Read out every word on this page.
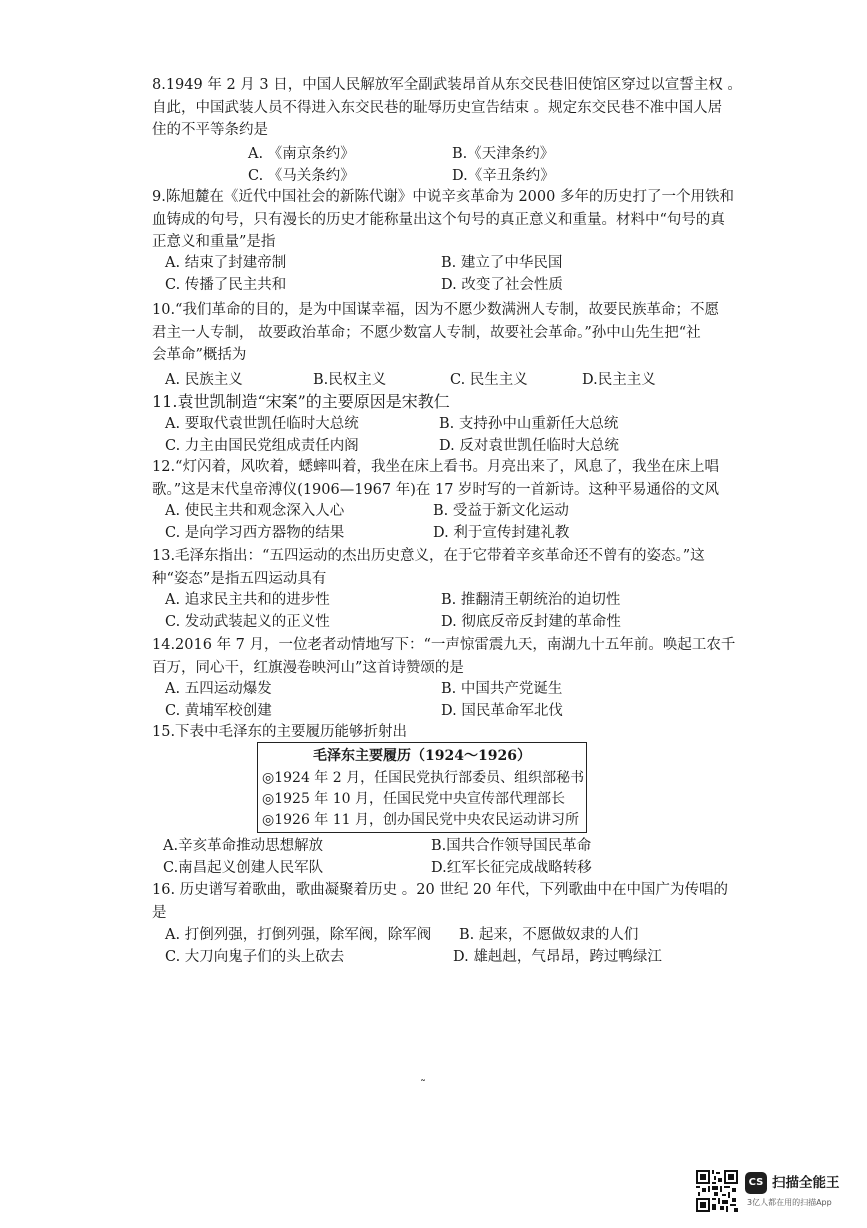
8.1949 年 2 月 3 日，中国人民解放军全副武装昂首从东交民巷旧使馆区穿过以宣誓主权 。
自此，中国武装人员不得进入东交民巷的耻辱历史宣告结束 。规定东交民巷不准中国人居
住的不平等条约是
A. 《南京条约》	B.《天津条约》
C. 《马关条约》	D.《辛丑条约》
9.陈旭麓在《近代中国社会的新陈代谢》中说辛亥革命为 2000 多年的历史打了一个用铁和
血铸成的句号，只有漫长的历史才能称量出这个句号的真正意义和重量。材料中“句号的真
正意义和重量”是指
A. 结束了封建帝制	B. 建立了中华民国
C. 传播了民主共和	D. 改变了社会性质
10.“我们革命的目的，是为中国谋幸福，因为不愿少数满洲人专制，故要民族革命；不愿
君主一人专制， 故要政治革命；不愿少数富人专制，故要社会革命。”孙中山先生把“社
会革命”概括为
A. 民族主义	B.民权主义	C. 民生主义	D.民主主义
11.袁世凯制造“宋案”的主要原因是宋教仁
A. 要取代袁世凯任临时大总统	B. 支持孙中山重新任大总统
C. 力主由国民党组成责任内阁	D. 反对袁世凯任临时大总统
12.“灯闪着，风吹着，蟋蟀叫着，我坐在床上看书。月亮出来了，风息了，我坐在床上唱
歌。”这是末代皇帝溥仪(1906—1967 年)在 17 岁时写的一首新诗。这种平易通俗的文风
A. 使民主共和观念深入人心	B. 受益于新文化运动
C. 是向学习西方器物的结果	D. 利于宣传封建礼教
13.毛泽东指出：“五四运动的杰出历史意义，在于它带着辛亥革命还不曾有的姿态。”这
种“姿态”是指五四运动具有
A. 追求民主共和的进步性	B. 推翻清王朝统治的迫切性
C. 发动武装起义的正义性	D. 彻底反帝反封建的革命性
14.2016 年 7 月，一位老者动情地写下：“一声惊雷震九天，南湖九十五年前。唤起工农千
百万，同心干，红旗漫卷映河山”这首诗赞颂的是
A. 五四运动爆发	B. 中国共产党诞生
C. 黄埔军校创建	D. 国民革命军北伐
15.下表中毛泽东的主要履历能够折射出
毛泽东主要履历（1924～1926）
◎1924 年 2 月，任国民党执行部委员、组织部秘书
◎1925 年 10 月，任国民党中央宣传部代理部长
◎1926 年 11 月，创办国民党中央农民运动讲习所
A.辛亥革命推动思想解放	B.国共合作领导国民革命
C.南昌起义创建人民军队	D.红军长征完成战略转移
16. 历史谱写着歌曲，歌曲凝聚着历史 。20 世纪 20 年代，下列歌曲中在中国广为传唱的
是
A. 打倒列强，打倒列强，除军阀，除军阀 B. 起来，不愿做奴隶的人们
C. 大刀向鬼子们的头上砍去	D. 雄赳赳，气昂昂，跨过鸭绿江
˜
CS 扫描全能王
3亿人都在用的扫描App
